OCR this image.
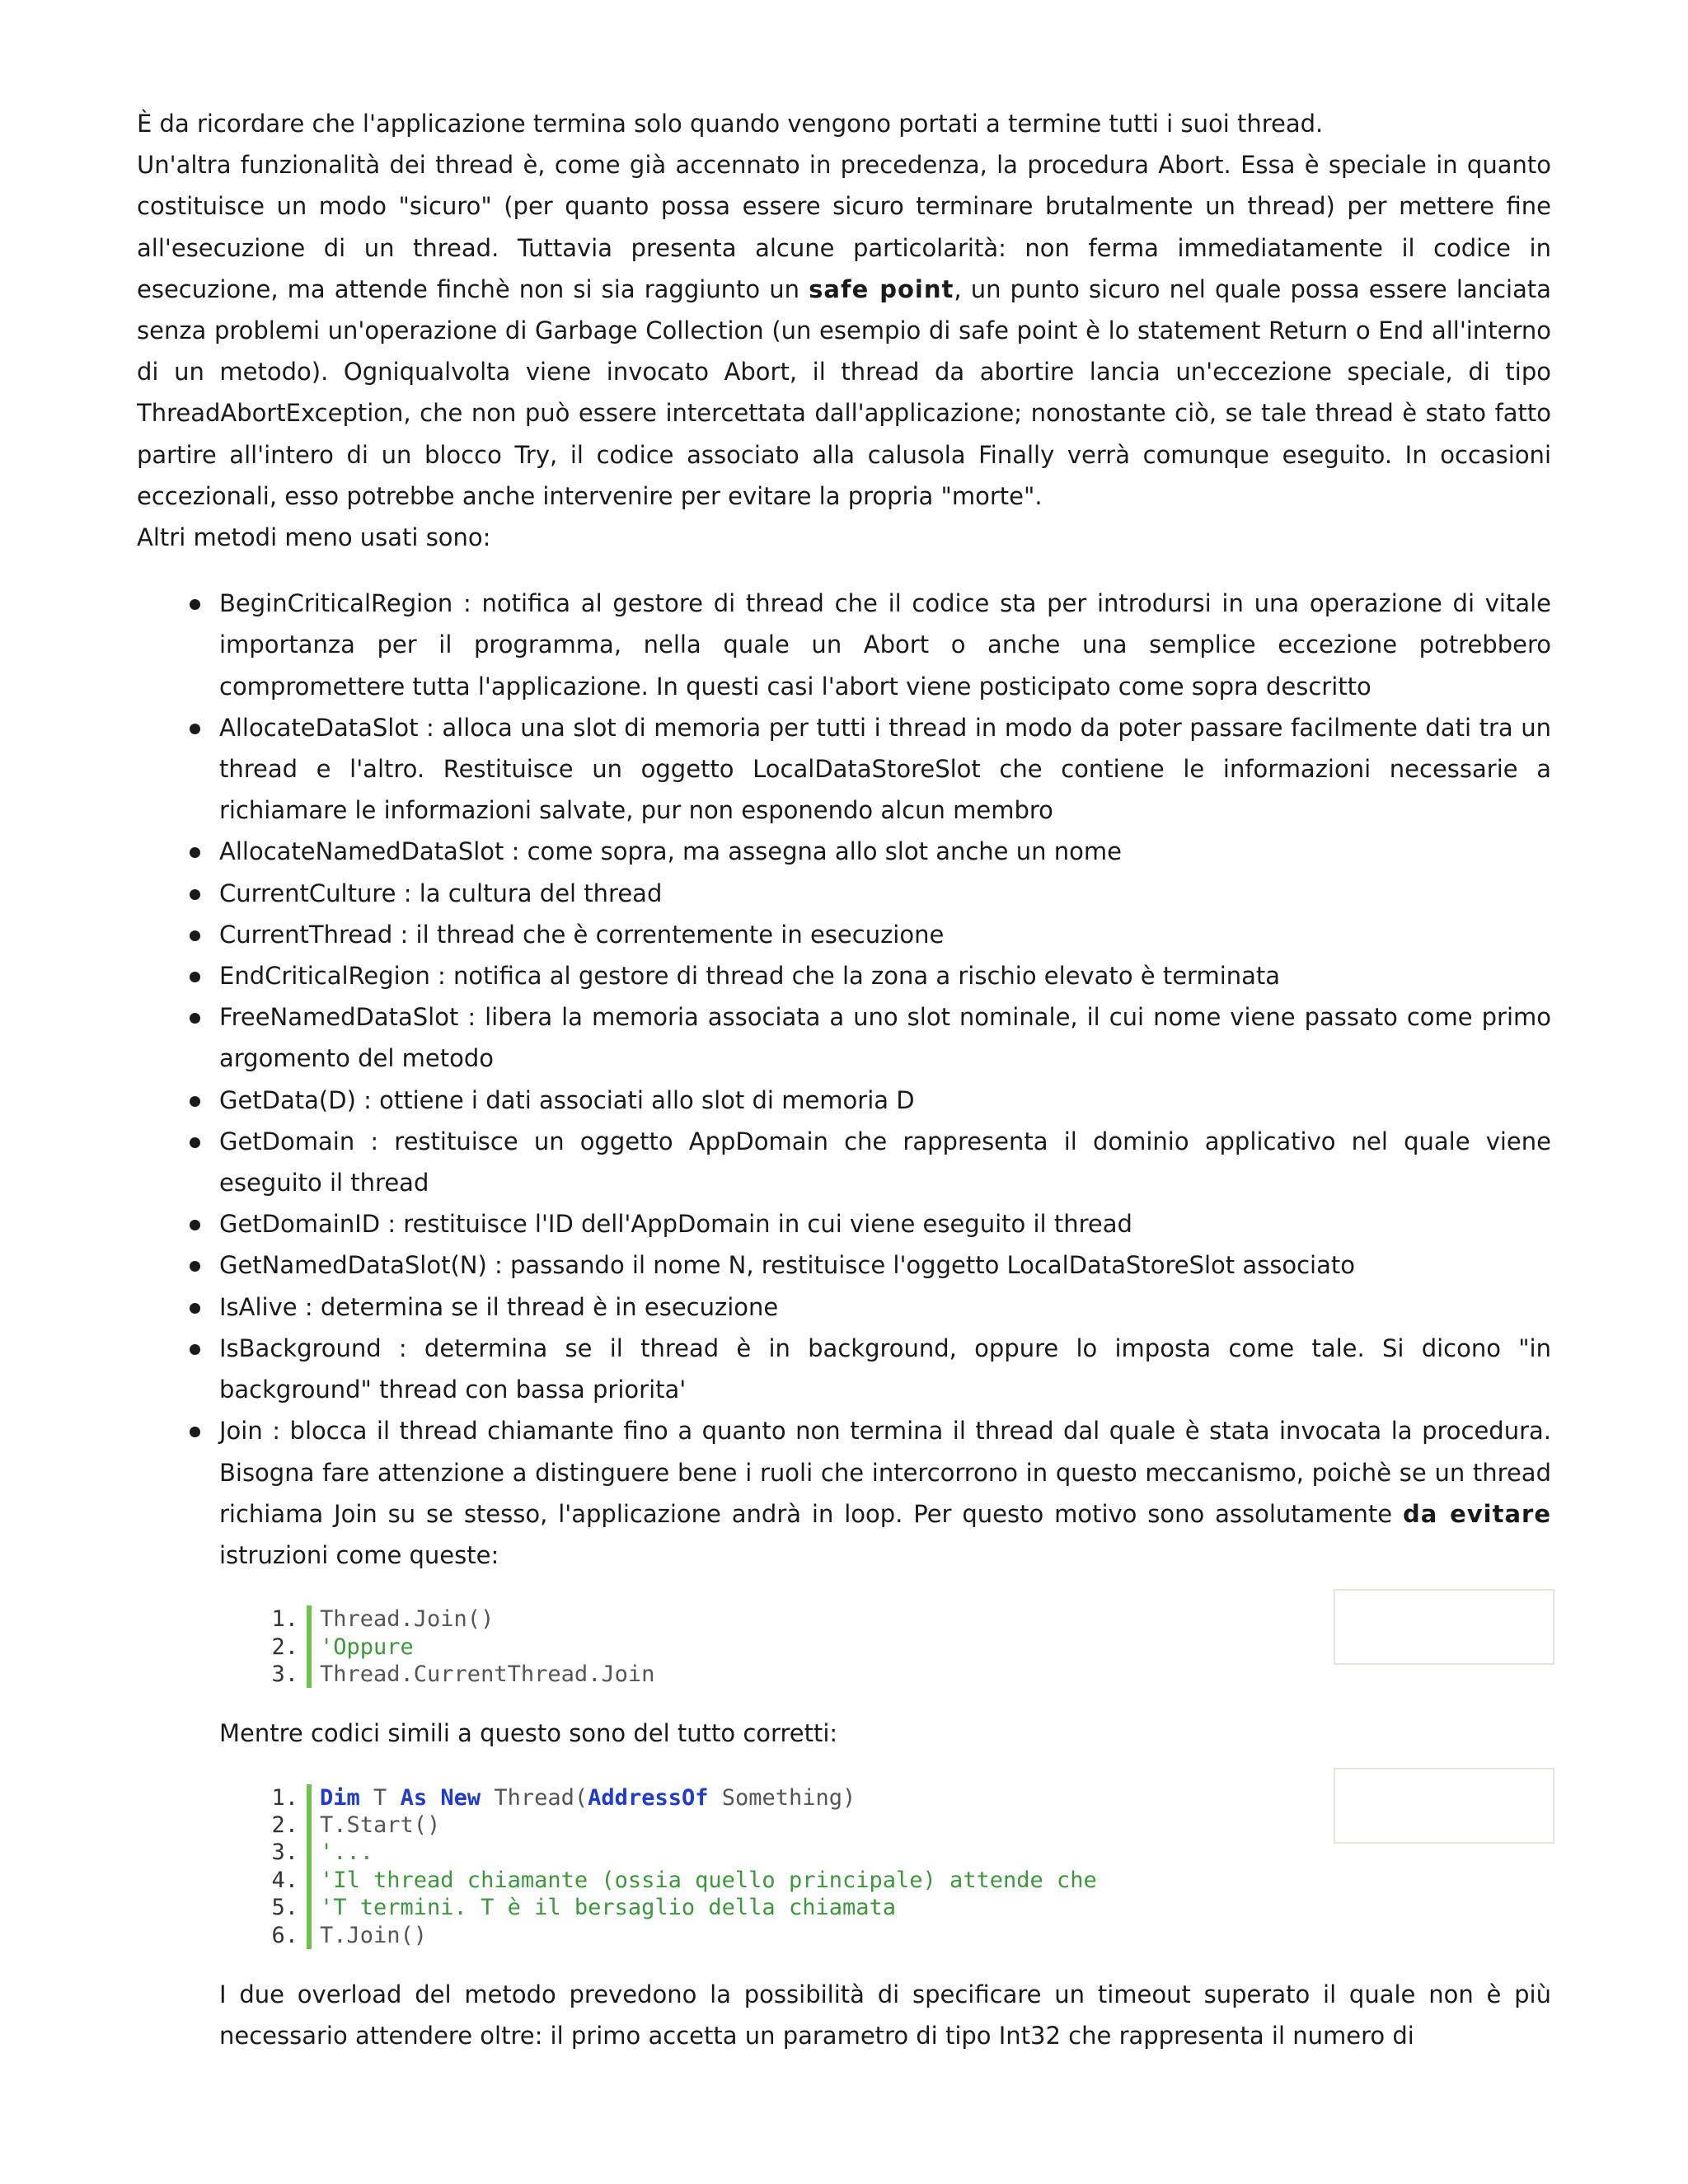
È da ricordare che l'applicazione termina solo quando vengono portati a termine tutti i suoi thread.

Un'altra funzionalità dei thread è, come già accennato in precedenza, la procedura Abort. Essa è speciale in quanto costituisce un modo "sicuro" (per quanto possa essere sicuro terminare brutalmente un thread) per mettere fine all'esecuzione di un thread. Tuttavia presenta alcune particolarità: non ferma immediatamente il codice in esecuzione, ma attende finchè non si sia raggiunto un safe point, un punto sicuro nel quale possa essere lanciata senza problemi un'operazione di Garbage Collection (un esempio di safe point è lo statement Return o End all'interno di un metodo). Ogniqualvolta viene invocato Abort, il thread da abortire lancia un'eccezione speciale, di tipo ThreadAbortException, che non può essere intercettata dall'applicazione; nonostante ciò, se tale thread è stato fatto partire all'intero di un blocco Try, il codice associato alla calusola Finally verrà comunque eseguito. In occasioni eccezionali, esso potrebbe anche intervenire per evitare la propria "morte".

Altri metodi meno usati sono:

BeginCriticalRegion : notifica al gestore di thread che il codice sta per introdursi in una operazione di vitale importanza per il programma, nella quale un Abort o anche una semplice eccezione potrebbero compromettere tutta l'applicazione. In questi casi l'abort viene posticipato come sopra descritto
AllocateDataSlot : alloca una slot di memoria per tutti i thread in modo da poter passare facilmente dati tra un thread e l'altro. Restituisce un oggetto LocalDataStoreSlot che contiene le informazioni necessarie a richiamare le informazioni salvate, pur non esponendo alcun membro
AllocateNamedDataSlot : come sopra, ma assegna allo slot anche un nome
CurrentCulture : la cultura del thread
CurrentThread : il thread che è correntemente in esecuzione
EndCriticalRegion : notifica al gestore di thread che la zona a rischio elevato è terminata
FreeNamedDataSlot : libera la memoria associata a uno slot nominale, il cui nome viene passato come primo argomento del metodo
GetData(D) : ottiene i dati associati allo slot di memoria D
GetDomain : restituisce un oggetto AppDomain che rappresenta il dominio applicativo nel quale viene eseguito il thread
GetDomainID : restituisce l'ID dell'AppDomain in cui viene eseguito il thread
GetNamedDataSlot(N) : passando il nome N, restituisce l'oggetto LocalDataStoreSlot associato
IsAlive : determina se il thread è in esecuzione
IsBackground : determina se il thread è in background, oppure lo imposta come tale. Si dicono "in background" thread con bassa priorita'
Join : blocca il thread chiamante fino a quanto non termina il thread dal quale è stata invocata la procedura. Bisogna fare attenzione a distinguere bene i ruoli che intercorrono in questo meccanismo, poichè se un thread richiama Join su se stesso, l'applicazione andrà in loop. Per questo motivo sono assolutamente da evitare istruzioni come queste:
1. Thread.Join()
2. 'Oppure
3. Thread.CurrentThread.Join
Mentre codici simili a questo sono del tutto corretti:
1. Dim T As New Thread(AddressOf Something)
2. T.Start()
3. '...
4. 'Il thread chiamante (ossia quello principale) attende che
5. 'T termini. T è il bersaglio della chiamata
6. T.Join()
I due overload del metodo prevedono la possibilità di specificare un timeout superato il quale non è più necessario attendere oltre: il primo accetta un parametro di tipo Int32 che rappresenta il numero di
